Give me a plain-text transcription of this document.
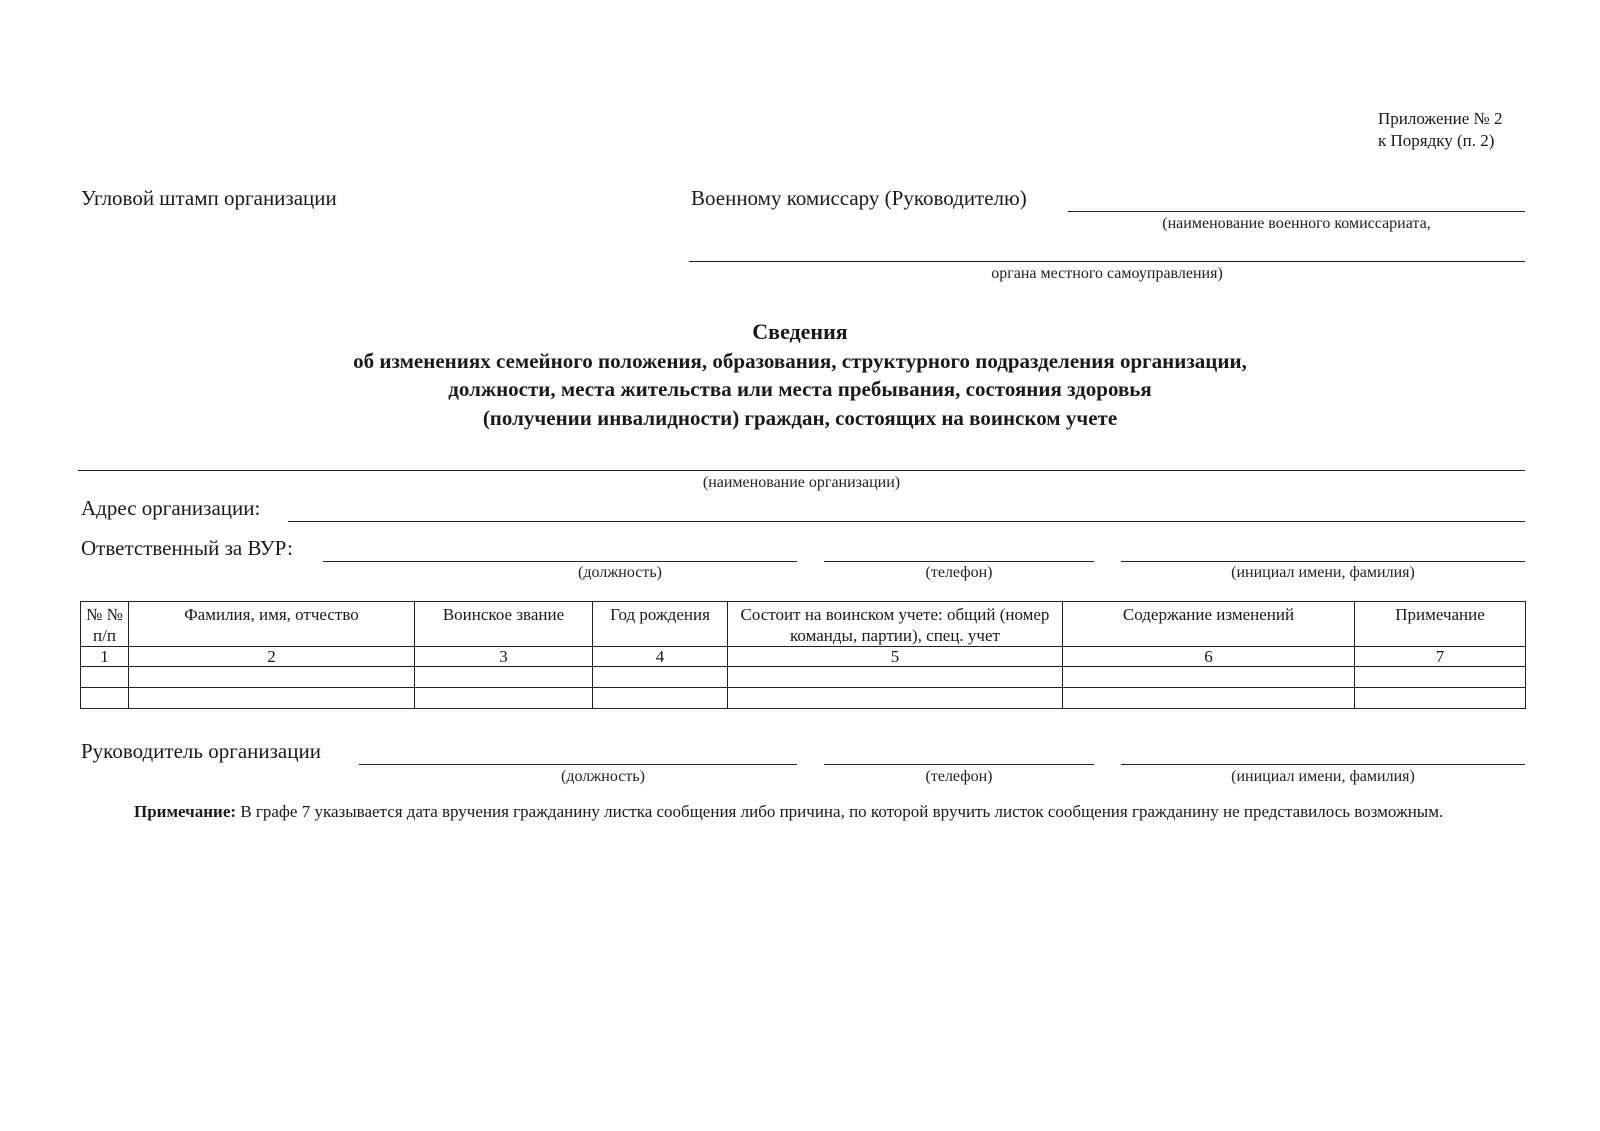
Приложение № 2
к Порядку (п. 2)
Угловой штамп организации	Военному комиссару (Руководителю)
(наименование военного комиссариата,
органа местного самоуправления)
Сведения
об изменениях семейного положения, образования, структурного подразделения организации,
должности, места жительства или места пребывания, состояния здоровья
(получении инвалидности) граждан, состоящих на воинском учете
(наименование организации)
Адрес организации:
Ответственный за ВУР:
(должность)	(телефон)	(инициал имени, фамилия)
№ № п/п	Фамилия, имя, отчество	Воинское звание	Год рождения	Состоит на воинском учете: общий (номер команды, партии), спец. учет	Содержание изменений	Примечание
1	2	3	4	5	6	7

Руководитель организации
(должность)	(телефон)	(инициал имени, фамилия)
Примечание: В графе 7 указывается дата вручения гражданину листка сообщения либо причина, по которой вручить листок сообщения гражданину не представилось возможным.
